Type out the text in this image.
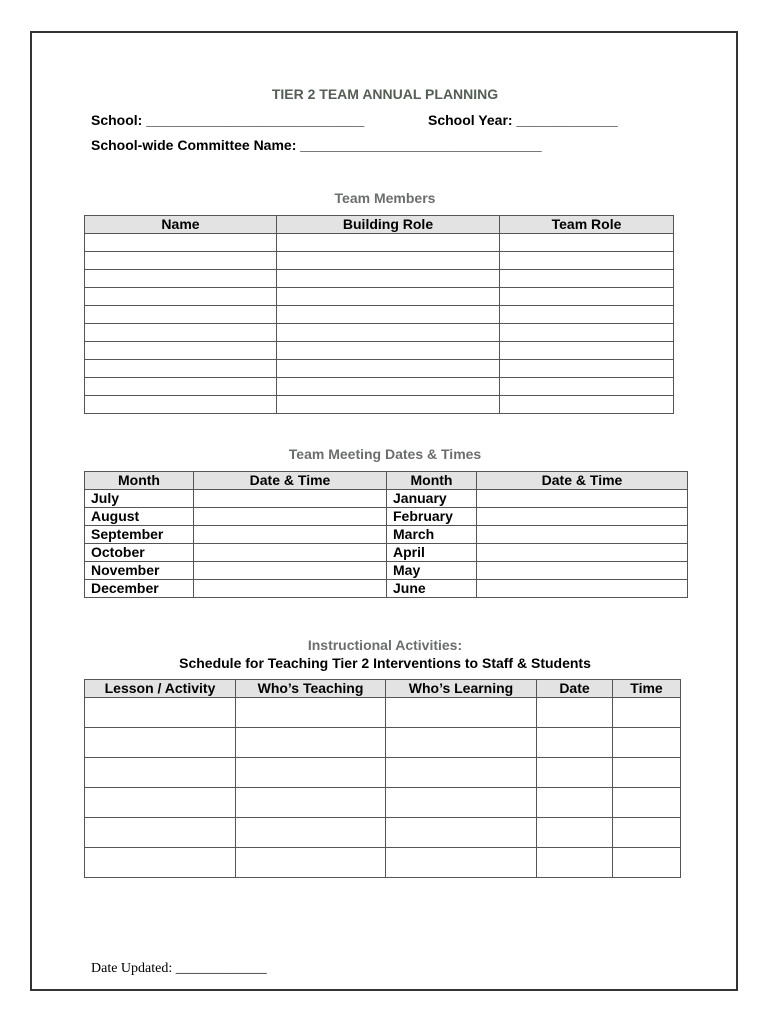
TIER 2 TEAM ANNUAL PLANNING
School: ____________________________	School Year: _____________
School-wide Committee Name: _______________________________
Team Members
Name	Building Role	Team Role

Team Meeting Dates & Times
Month	Date & Time	Month	Date & Time
July		January	
August		February	
September		March	
October		April	
November		May	
December		June	
Instructional Activities:
Schedule for Teaching Tier 2 Interventions to Staff & Students
Lesson / Activity	Who’s Teaching	Who’s Learning	Date	Time

Date Updated: _____________
